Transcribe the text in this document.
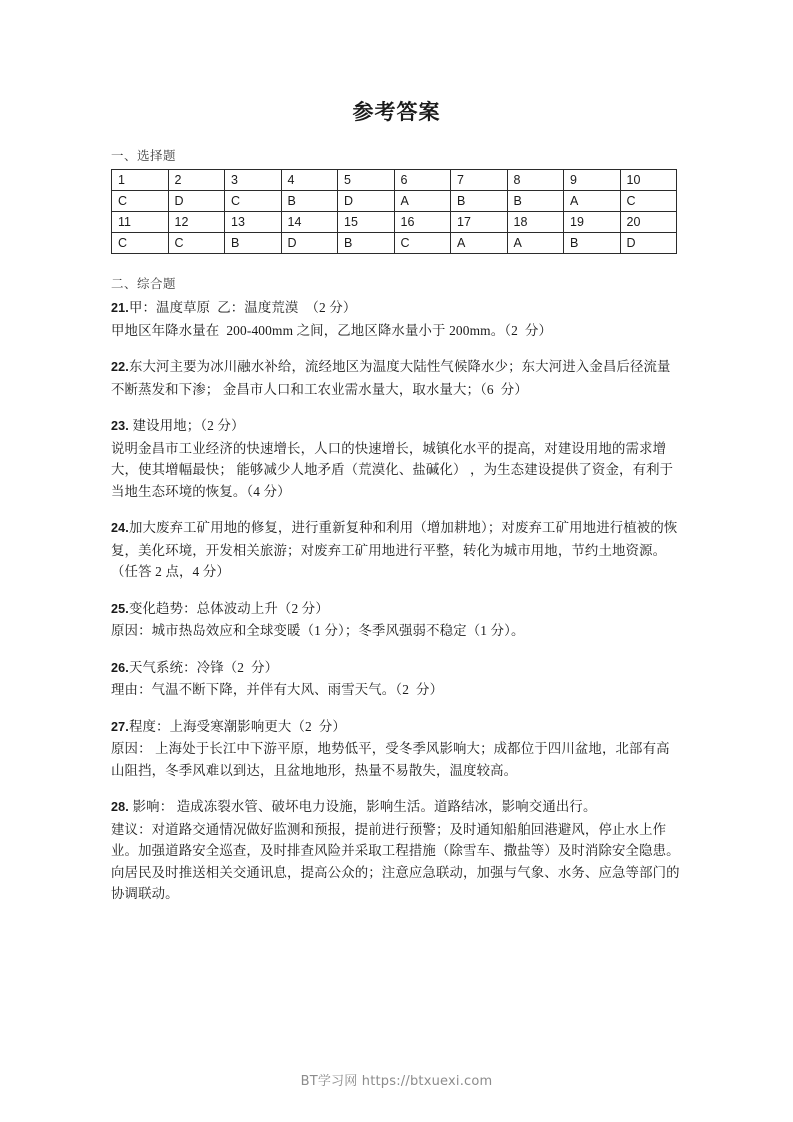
参考答案
一、选择题
1	2	3	4	5	6	7	8	9	10
C	D	C	B	D	A	B	B	A	C
11	12	13	14	15	16	17	18	19	20
C	C	B	D	B	C	A	A	B	D
二、综合题

21.甲：温度草原  乙：温度荒漠  （2 分）

甲地区年降水量在  200-400mm 之间，乙地区降水量小于 200mm。（2  分）

22.东大河主要为冰川融水补给，流经地区为温度大陆性气候降水少；东大河进入金昌后径流量不断蒸发和下渗； 金昌市人口和工农业需水量大，取水量大；（6  分）

23. 建设用地；（2 分）

说明金昌市工业经济的快速增长，人口的快速增长，城镇化水平的提高，对建设用地的需求增大，使其增幅最快； 能够减少人地矛盾（荒漠化、盐碱化） ，为生态建设提供了资金，有利于当地生态环境的恢复。（4 分）

24.加大废弃工矿用地的修复，进行重新复种和利用（增加耕地）；对废弃工矿用地进行植被的恢复，美化环境，开发相关旅游；对废弃工矿用地进行平整，转化为城市用地，节约土地资源。（任答 2 点，4 分）

25.变化趋势：总体波动上升（2 分）

原因：城市热岛效应和全球变暖（1 分）；冬季风强弱不稳定（1 分）。

26.天气系统：冷锋（2  分）

理由：气温不断下降，并伴有大风、雨雪天气。（2  分）

27.程度：上海受寒潮影响更大（2  分）

原因： 上海处于长江中下游平原，地势低平，受冬季风影响大；成都位于四川盆地，北部有高山阻挡，冬季风难以到达，且盆地地形，热量不易散失，温度较高。

28. 影响： 造成冻裂水管、破坏电力设施，影响生活。道路结冰，影响交通出行。

建议：对道路交通情况做好监测和预报，提前进行预警；及时通知船舶回港避风，停止水上作业。加强道路安全巡查，及时排查风险并采取工程措施（除雪车、撒盐等）及时消除安全隐患。向居民及时推送相关交通讯息，提高公众的；注意应急联动，加强与气象、水务、应急等部门的协调联动。

BT学习网 https://btxuexi.com
